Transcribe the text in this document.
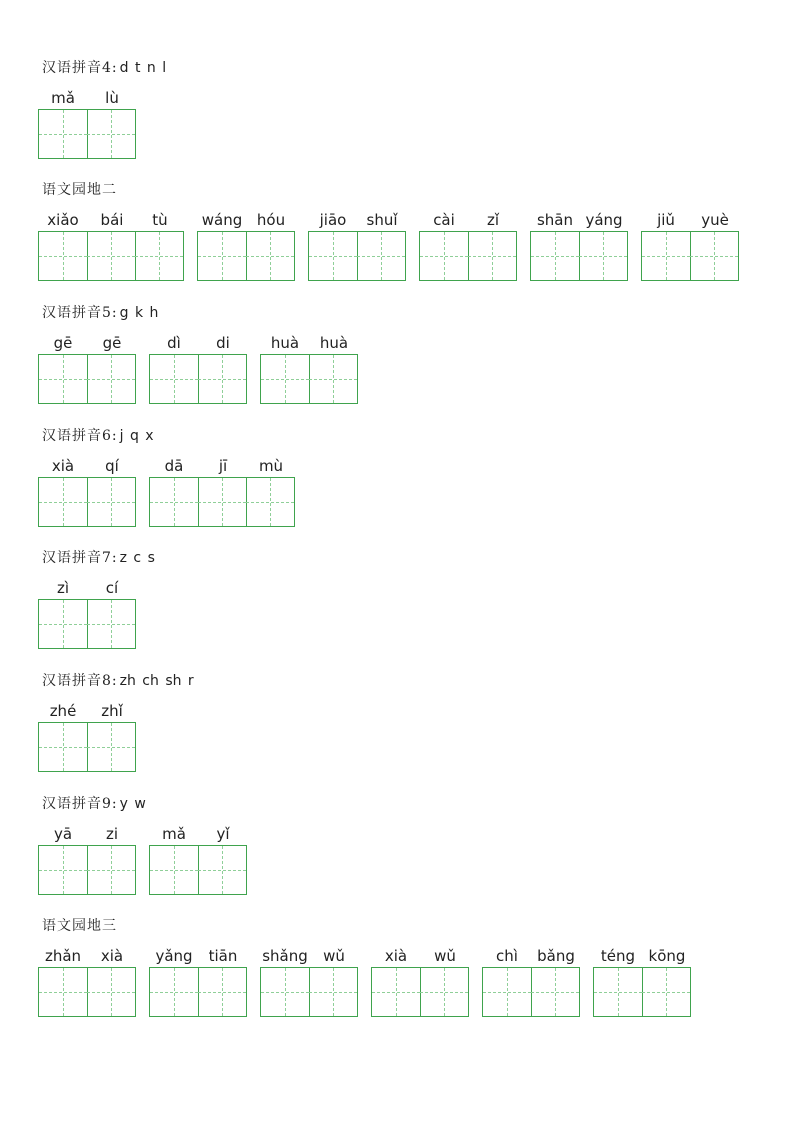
汉语拼音4: d t n l
mǎ	lù
语文园地二
xiǎo	bái	tù	wáng hóu	jiāo	shuǐ	cài	zǐ	shān yáng	jiǔ	yuè
汉语拼音5: g k h
gē	gē	dì	di	huà	huà
汉语拼音6: j q x
xià	qí	dā	jī	mù
汉语拼音7: z c s
zì	cí
汉语拼音8: zh ch sh r
zhé	zhǐ
汉语拼音9: y w
yā	zi	mǎ	yǐ
语文园地三
zhǎn	xià	yǎng	tiān	shǎng	wǔ	xià	wǔ	chì	bǎng	téng kōng
